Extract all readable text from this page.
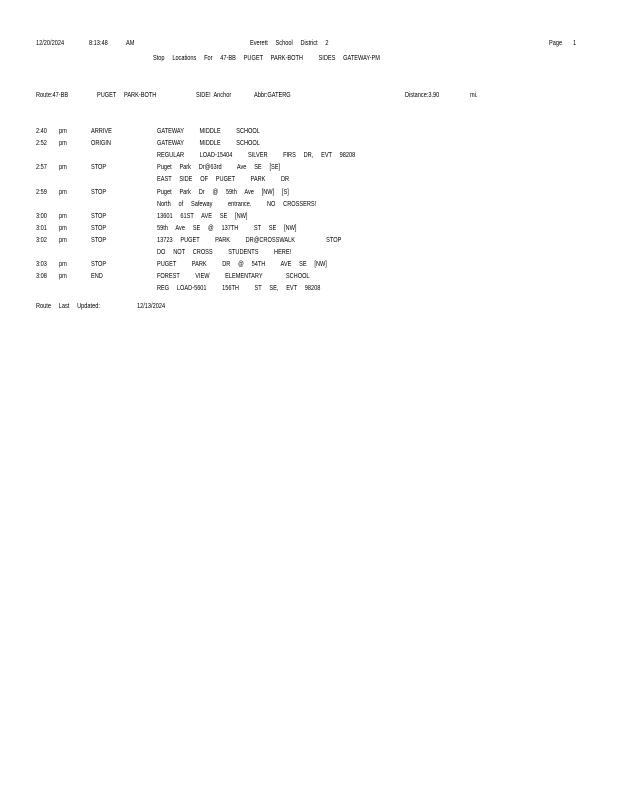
12/20/2024	8:13:48	AM	Everett     School     District     2	Page 1
Stop     Locations     For     47-BB     PUGET     PARK-BOTH          SIDES     GATEWAY-PM
Route:47-BB	PUGET     PARK-BOTH	SIDE!  Anchor	Abbr:GATERG	Distance:3.90	mi.
2:40 pm	ARRIVE	GATEWAY          MIDDLE          SCHOOL
2:52 pm	ORIGIN	GATEWAY          MIDDLE          SCHOOL
REGULAR          LOAD-15404          SILVER          FIRS     DR,     EVT     98208
2:57 pm	STOP	Puget     Park     Dr@63rd          Ave     SE     [SE]
EAST     SIDE     OF     PUGET          PARK          DR
2:59 pm	STOP	Puget     Park     Dr     @     59th     Ave     [NW]     [S]
North     of     Safeway          entrance.          NO     CROSSERS!
3:00 pm	STOP	13601     61ST     AVE     SE     [NW]
3:01 pm	STOP	59th     Ave     SE     @     137TH          ST     SE     [NW]
3:02 pm	STOP	13723     PUGET          PARK          DR@CROSSWALK                    STOP
DO     NOT     CROSS          STUDENTS          HERE!
3:03 pm	STOP	PUGET          PARK          DR     @     54TH          AVE     SE     [NW]
3:08 pm	END	FOREST          VIEW          ELEMENTARY               SCHOOL
REG     LOAD-5601          156TH          ST     SE,     EVT     98208
Route     Last     Updated:	12/13/2024
